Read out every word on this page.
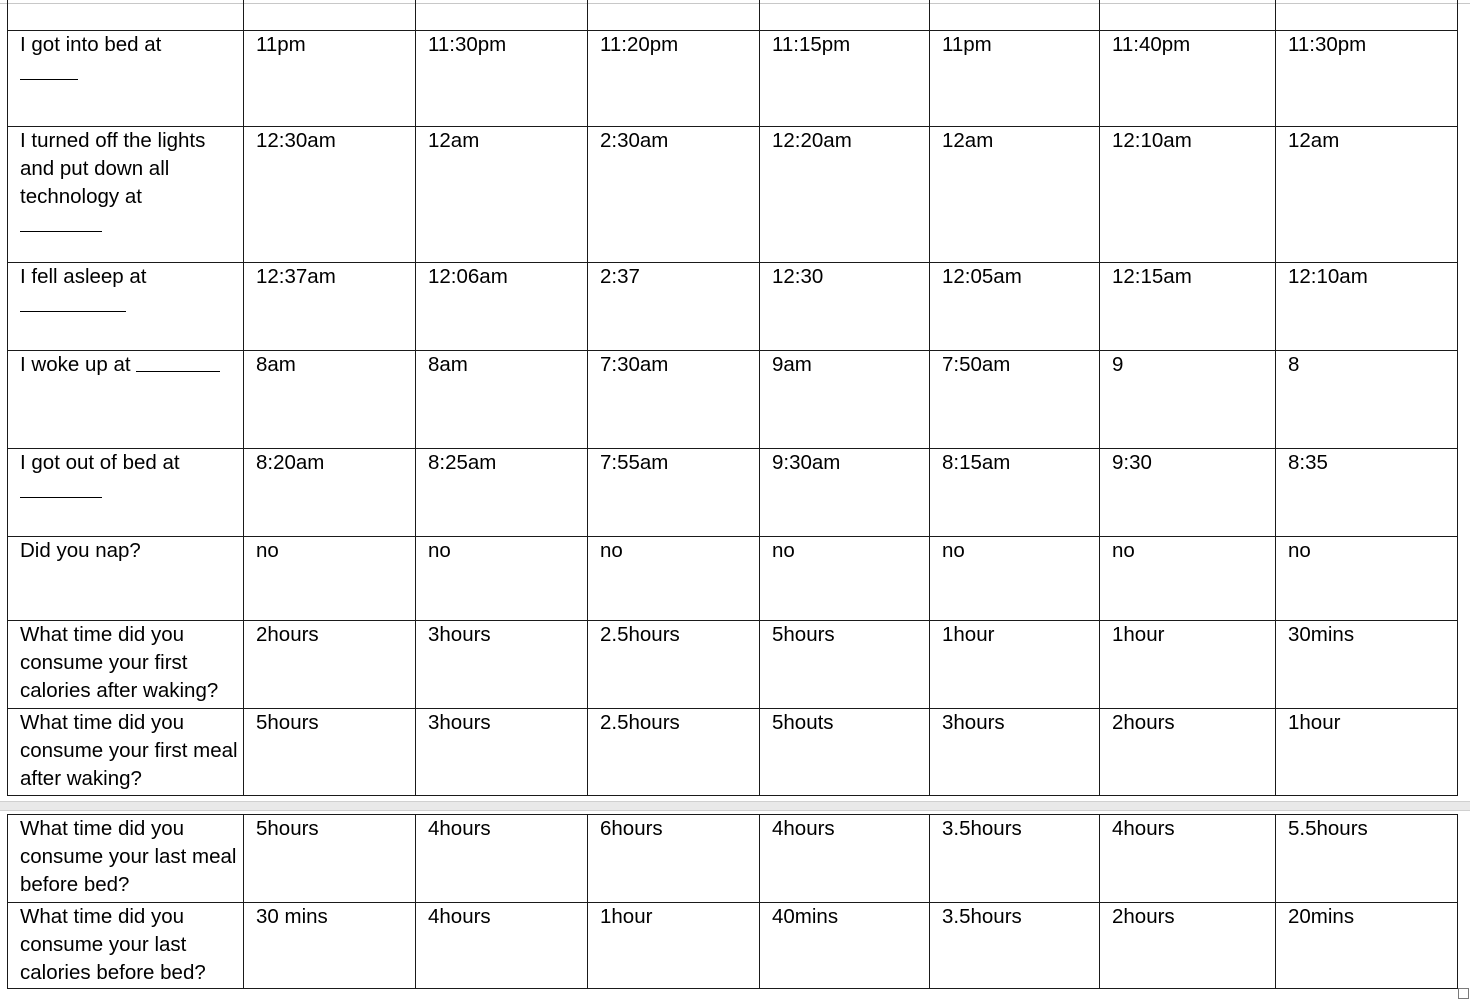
I got into bed at	11pm	11:30pm	11:20pm	11:15pm	11pm	11:40pm	11:30pm
I turned off the lights and put down all technology at	12:30am	12am	2:30am	12:20am	12am	12:10am	12am
I fell asleep at	12:37am	12:06am	2:37	12:30	12:05am	12:15am	12:10am
I woke up at	8am	8am	7:30am	9am	7:50am	9	8
I got out of bed at	8:20am	8:25am	7:55am	9:30am	8:15am	9:30	8:35
Did you nap?	no	no	no	no	no	no	no
What time did you consume your first calories after waking?	2hours	3hours	2.5hours	5hours	1hour	1hour	30mins
What time did you consume your first meal after waking?	5hours	3hours	2.5hours	5houts	3hours	2hours	1hour
What time did you consume your last meal before bed?	5hours	4hours	6hours	4hours	3.5hours	4hours	5.5hours
What time did you consume your last calories before bed?	30 mins	4hours	1hour	40mins	3.5hours	2hours	20mins
